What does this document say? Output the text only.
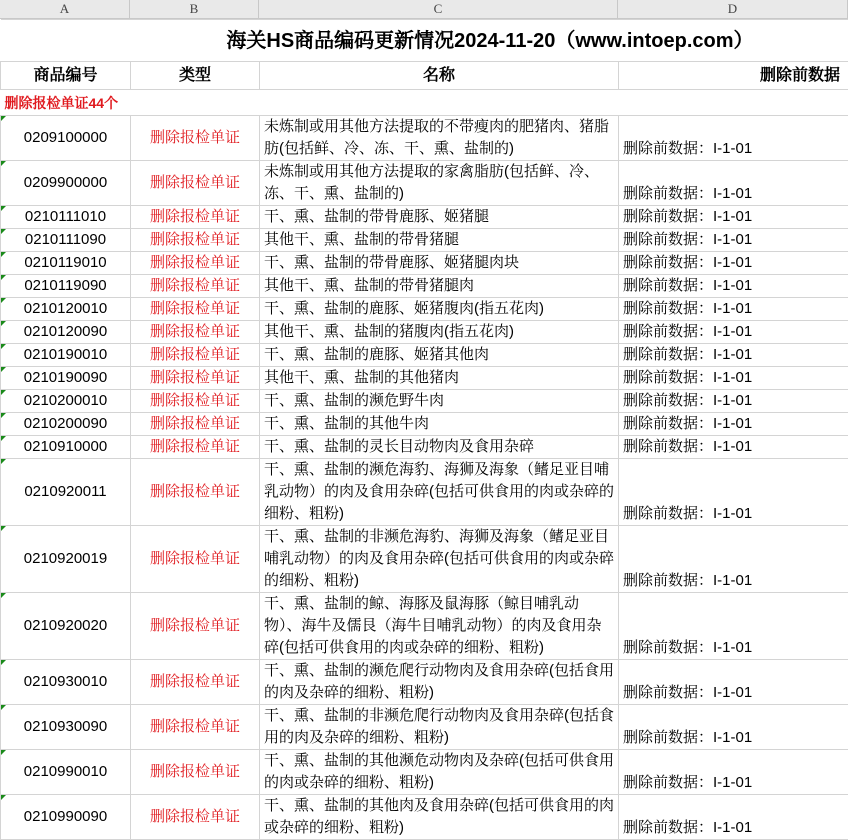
A	B	C	D
海关HS商品编码更新情况2024-11-20（www.intoep.com）			
商品编号	类型	名称	删除前数据
删除报检单证44个			
0209100000	删除报检单证	未炼制或用其他方法提取的不带瘦肉的肥猪肉、猪脂肪(包括鲜、冷、冻、干、熏、盐制的)	删除前数据：I-1-01
0209900000	删除报检单证	未炼制或用其他方法提取的家禽脂肪(包括鲜、冷、冻、干、熏、盐制的)	删除前数据：I-1-01
0210111010	删除报检单证	干、熏、盐制的带骨鹿豚、姬猪腿	删除前数据：I-1-01
0210111090	删除报检单证	其他干、熏、盐制的带骨猪腿	删除前数据：I-1-01
0210119010	删除报检单证	干、熏、盐制的带骨鹿豚、姬猪腿肉块	删除前数据：I-1-01
0210119090	删除报检单证	其他干、熏、盐制的带骨猪腿肉	删除前数据：I-1-01
0210120010	删除报检单证	干、熏、盐制的鹿豚、姬猪腹肉(指五花肉)	删除前数据：I-1-01
0210120090	删除报检单证	其他干、熏、盐制的猪腹肉(指五花肉)	删除前数据：I-1-01
0210190010	删除报检单证	干、熏、盐制的鹿豚、姬猪其他肉	删除前数据：I-1-01
0210190090	删除报检单证	其他干、熏、盐制的其他猪肉	删除前数据：I-1-01
0210200010	删除报检单证	干、熏、盐制的濒危野牛肉	删除前数据：I-1-01
0210200090	删除报检单证	干、熏、盐制的其他牛肉	删除前数据：I-1-01
0210910000	删除报检单证	干、熏、盐制的灵长目动物肉及食用杂碎	删除前数据：I-1-01
0210920011	删除报检单证	干、熏、盐制的濒危海豹、海狮及海象（鳍足亚目哺乳动物）的肉及食用杂碎(包括可供食用的肉或杂碎的细粉、粗粉)	删除前数据：I-1-01
0210920019	删除报检单证	干、熏、盐制的非濒危海豹、海狮及海象（鳍足亚目哺乳动物）的肉及食用杂碎(包括可供食用的肉或杂碎的细粉、粗粉)	删除前数据：I-1-01
0210920020	删除报检单证	干、熏、盐制的鲸、海豚及鼠海豚（鲸目哺乳动物）、海牛及儒艮（海牛目哺乳动物）的肉及食用杂碎(包括可供食用的肉或杂碎的细粉、粗粉)	删除前数据：I-1-01
0210930010	删除报检单证	干、熏、盐制的濒危爬行动物肉及食用杂碎(包括食用的肉及杂碎的细粉、粗粉)	删除前数据：I-1-01
0210930090	删除报检单证	干、熏、盐制的非濒危爬行动物肉及食用杂碎(包括食用的肉及杂碎的细粉、粗粉)	删除前数据：I-1-01
0210990010	删除报检单证	干、熏、盐制的其他濒危动物肉及杂碎(包括可供食用的肉或杂碎的细粉、粗粉)	删除前数据：I-1-01
0210990090	删除报检单证	干、熏、盐制的其他肉及食用杂碎(包括可供食用的肉或杂碎的细粉、粗粉)	删除前数据：I-1-01
